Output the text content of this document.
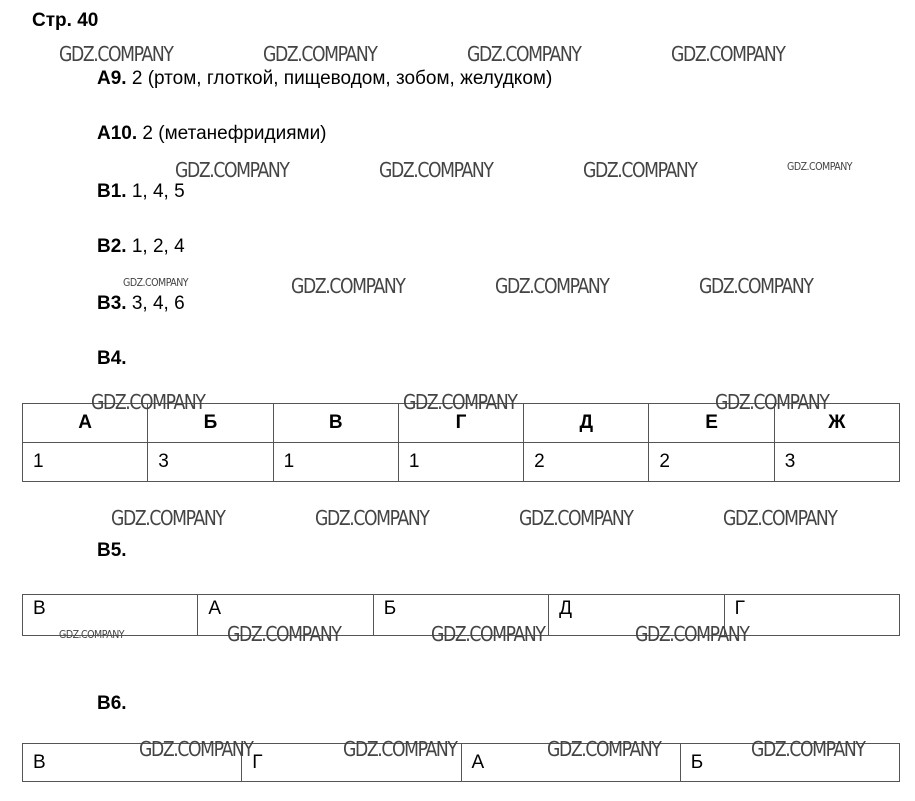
Стр. 40
GDZ.COMPANY	GDZ.COMPANY	GDZ.COMPANY	GDZ.COMPANY
GDZ.COMPANY	GDZ.COMPANY	GDZ.COMPANY	GDZ.COMPANY
GDZ.COMPANY	GDZ.COMPANY	GDZ.COMPANY	GDZ.COMPANY
GDZ.COMPANY	GDZ.COMPANY	GDZ.COMPANY	GDZ.COMPANY
А9. 2 (ртом, глоткой, пищеводом, зобом, желудком)
А10. 2 (метанефридиями)
В1. 1, 4, 5
В2. 1, 2, 4
В3. 3, 4, 6
В4.
А	Б	В	Г	Д	Е	Ж
1	3	1	1	2	2	3
GDZ.COMPANY	GDZ.COMPANY	GDZ.COMPANY
В5.
В	А	Б	Д	Г
GDZ.COMPANY	GDZ.COMPANY	GDZ.COMPANY	GDZ.COMPANY
В6.
В	Г	А	Б
GDZ.COMPANY	GDZ.COMPANY	GDZ.COMPANY	GDZ.COMPANY
